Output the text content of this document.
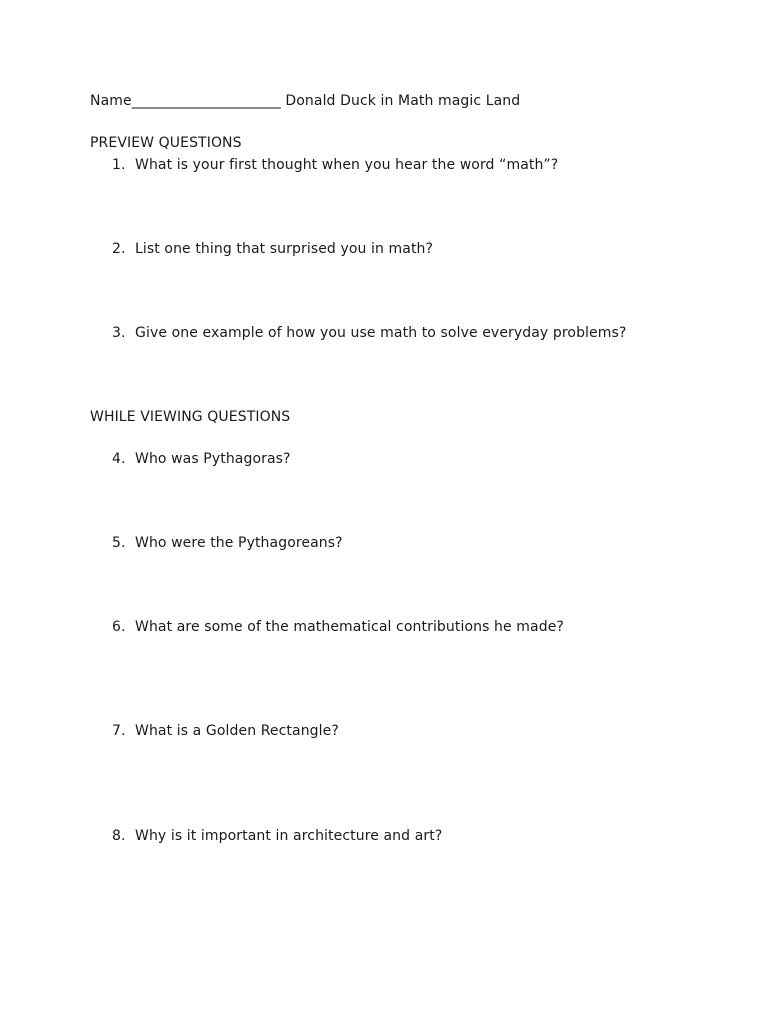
Name_____________________ Donald Duck in Math magic Land
PREVIEW QUESTIONS
1. What is your first thought when you hear the word “math”?
2. List one thing that surprised you in math?
3. Give one example of how you use math to solve everyday problems?
WHILE VIEWING QUESTIONS
4. Who was Pythagoras?
5. Who were the Pythagoreans?
6. What are some of the mathematical contributions he made?
7. What is a Golden Rectangle?
8. Why is it important in architecture and art?
